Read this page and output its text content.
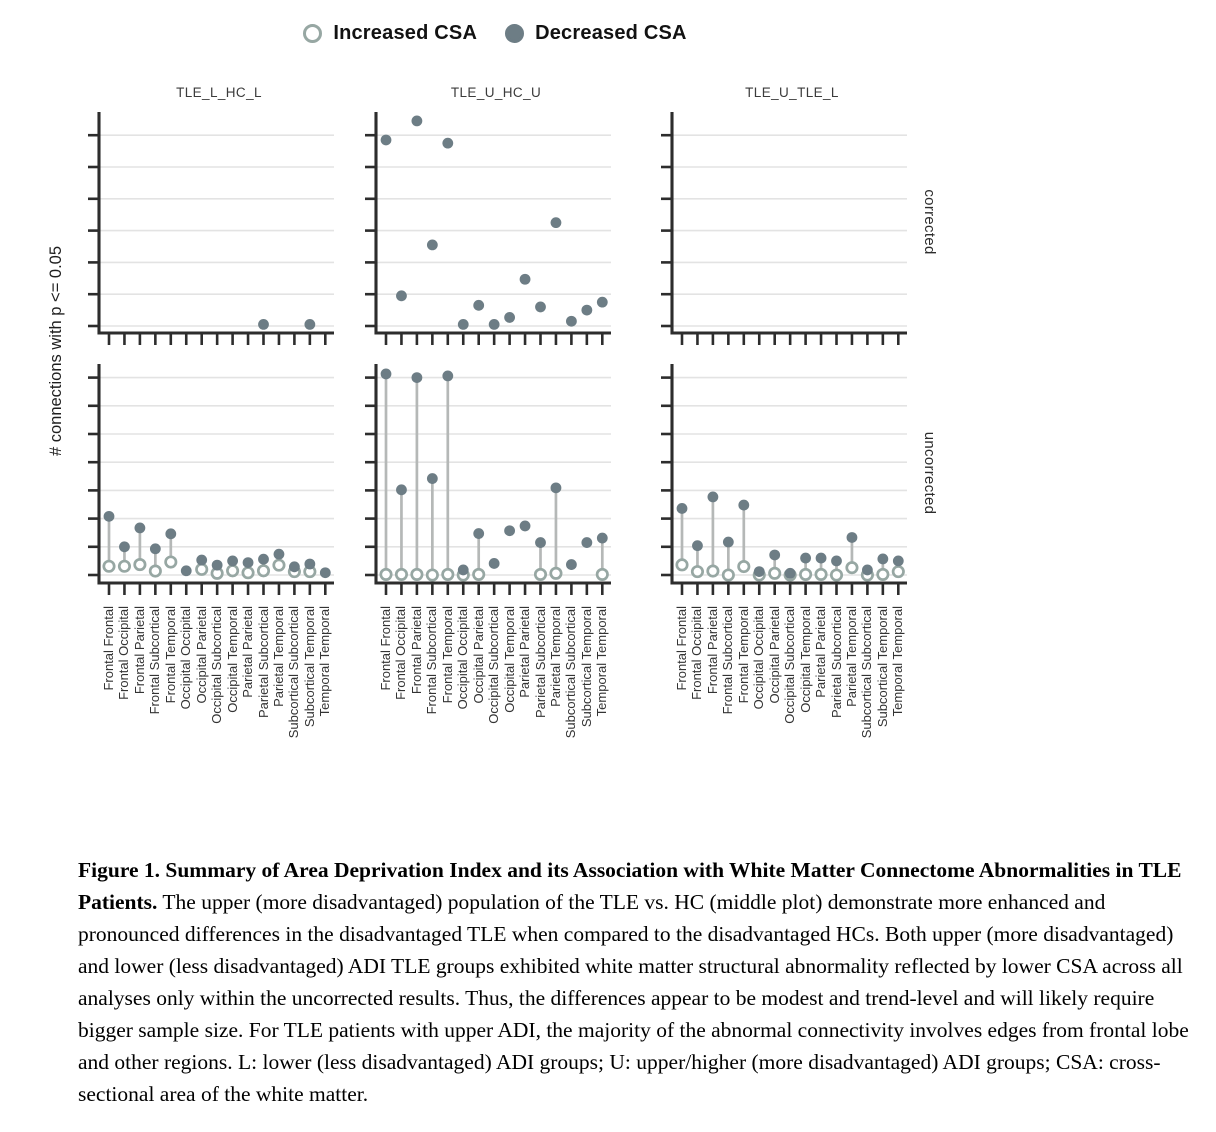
Increased CSA	Decreased CSA
TLE_L_HC_L	TLE_U_HC_U	TLE_U_TLE_L
corrected
uncorrected
# connections with p <= 0.05
Frontal Frontal Frontal Occipital Frontal Parietal Frontal Subcortical Frontal Temporal Occipital Occipital Occipital Parietal Occipital Subcortical Occipital Temporal Parietal Parietal Parietal Subcortical Parietal Temporal Subcortical Subcortical Subcortical Temporal Temporal Temporal	Frontal Frontal Frontal Occipital Frontal Parietal Frontal Subcortical Frontal Temporal Occipital Occipital Occipital Parietal Occipital Subcortical Occipital Temporal Parietal Parietal Parietal Subcortical Parietal Temporal Subcortical Subcortical Subcortical Temporal Temporal Temporal	Frontal Frontal Frontal Occipital Frontal Parietal Frontal Subcortical Frontal Temporal Occipital Occipital Occipital Parietal Occipital Subcortical Occipital Temporal Parietal Parietal Parietal Subcortical Parietal Temporal Subcortical Subcortical Subcortical Temporal Temporal Temporal

Figure 1. Summary of Area Deprivation Index and its Association with White Matter Connectome Abnormalities in TLE Patients. The upper (more disadvantaged) population of the TLE vs. HC (middle plot) demonstrate more enhanced and pronounced differences in the disadvantaged TLE when compared to the disadvantaged HCs. Both upper (more disadvantaged) and lower (less disadvantaged) ADI TLE groups exhibited white matter structural abnormality reflected by lower CSA across all analyses only within the uncorrected results. Thus, the differences appear to be modest and trend-level and will likely require bigger sample size. For TLE patients with upper ADI, the majority of the abnormal connectivity involves edges from frontal lobe and other regions. L: lower (less disadvantaged) ADI groups; U: upper/higher (more disadvantaged) ADI groups; CSA: cross-sectional area of the white matter.
